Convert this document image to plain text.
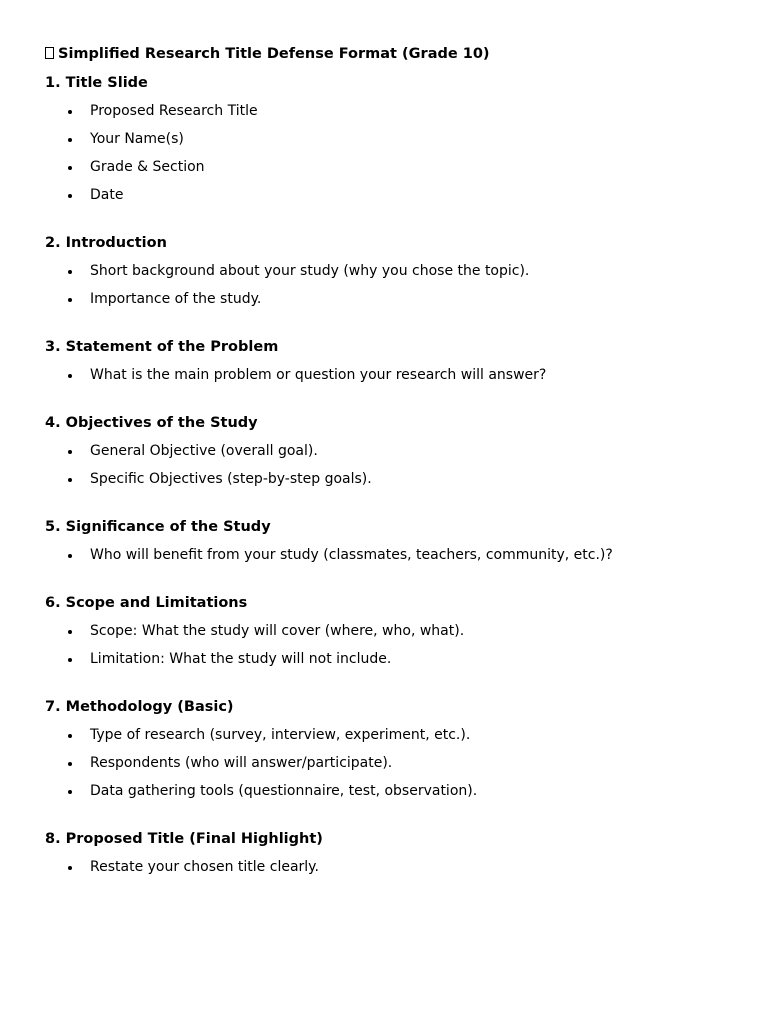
Simplified Research Title Defense Format (Grade 10)
1. Title Slide
Proposed Research Title
Your Name(s)
Grade & Section
Date
2. Introduction
Short background about your study (why you chose the topic).
Importance of the study.
3. Statement of the Problem
What is the main problem or question your research will answer?
4. Objectives of the Study
General Objective (overall goal).
Specific Objectives (step-by-step goals).
5. Significance of the Study
Who will benefit from your study (classmates, teachers, community, etc.)?
6. Scope and Limitations
Scope: What the study will cover (where, who, what).
Limitation: What the study will not include.
7. Methodology (Basic)
Type of research (survey, interview, experiment, etc.).
Respondents (who will answer/participate).
Data gathering tools (questionnaire, test, observation).
8. Proposed Title (Final Highlight)
Restate your chosen title clearly.
